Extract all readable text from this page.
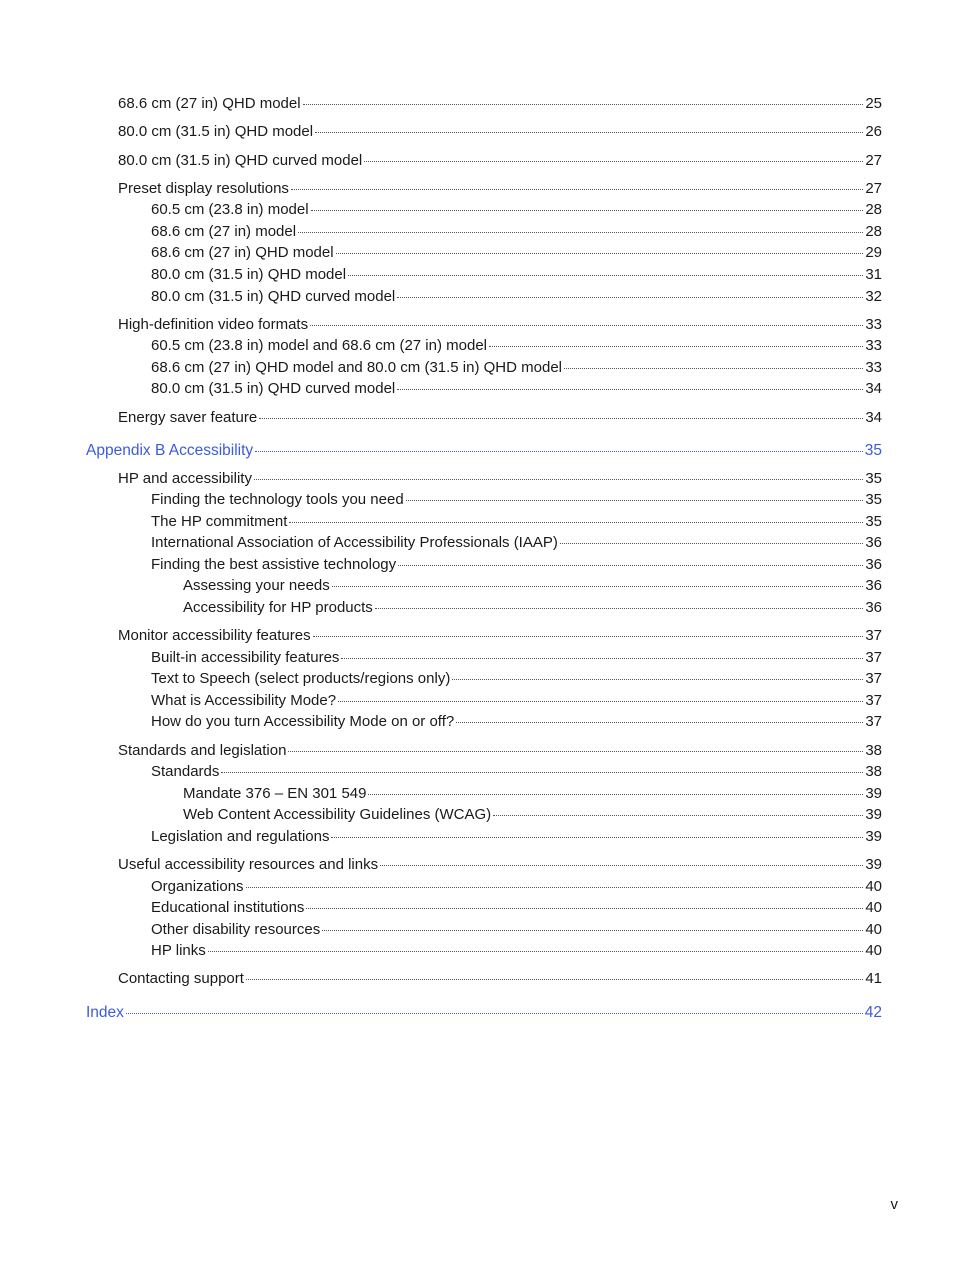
68.6 cm (27 in) QHD model	25
80.0 cm (31.5 in) QHD model	26
80.0 cm (31.5 in) QHD curved model	27
Preset display resolutions	27
60.5 cm (23.8 in) model	28
68.6 cm (27 in) model	28
68.6 cm (27 in) QHD model	29
80.0 cm (31.5 in) QHD model	31
80.0 cm (31.5 in) QHD curved model	32
High-definition video formats	33
60.5 cm (23.8 in) model and 68.6 cm (27 in) model	33
68.6 cm (27 in) QHD model and 80.0 cm (31.5 in) QHD model	33
80.0 cm (31.5 in) QHD curved model	34
Energy saver feature	34
Appendix B Accessibility	35
HP and accessibility	35
Finding the technology tools you need	35
The HP commitment	35
International Association of Accessibility Professionals (IAAP)	36
Finding the best assistive technology	36
Assessing your needs	36
Accessibility for HP products	36
Monitor accessibility features	37
Built-in accessibility features	37
Text to Speech (select products/regions only)	37
What is Accessibility Mode?	37
How do you turn Accessibility Mode on or off?	37
Standards and legislation	38
Standards	38
Mandate 376 – EN 301 549	39
Web Content Accessibility Guidelines (WCAG)	39
Legislation and regulations	39
Useful accessibility resources and links	39
Organizations	40
Educational institutions	40
Other disability resources	40
HP links	40
Contacting support	41
Index	42
v
